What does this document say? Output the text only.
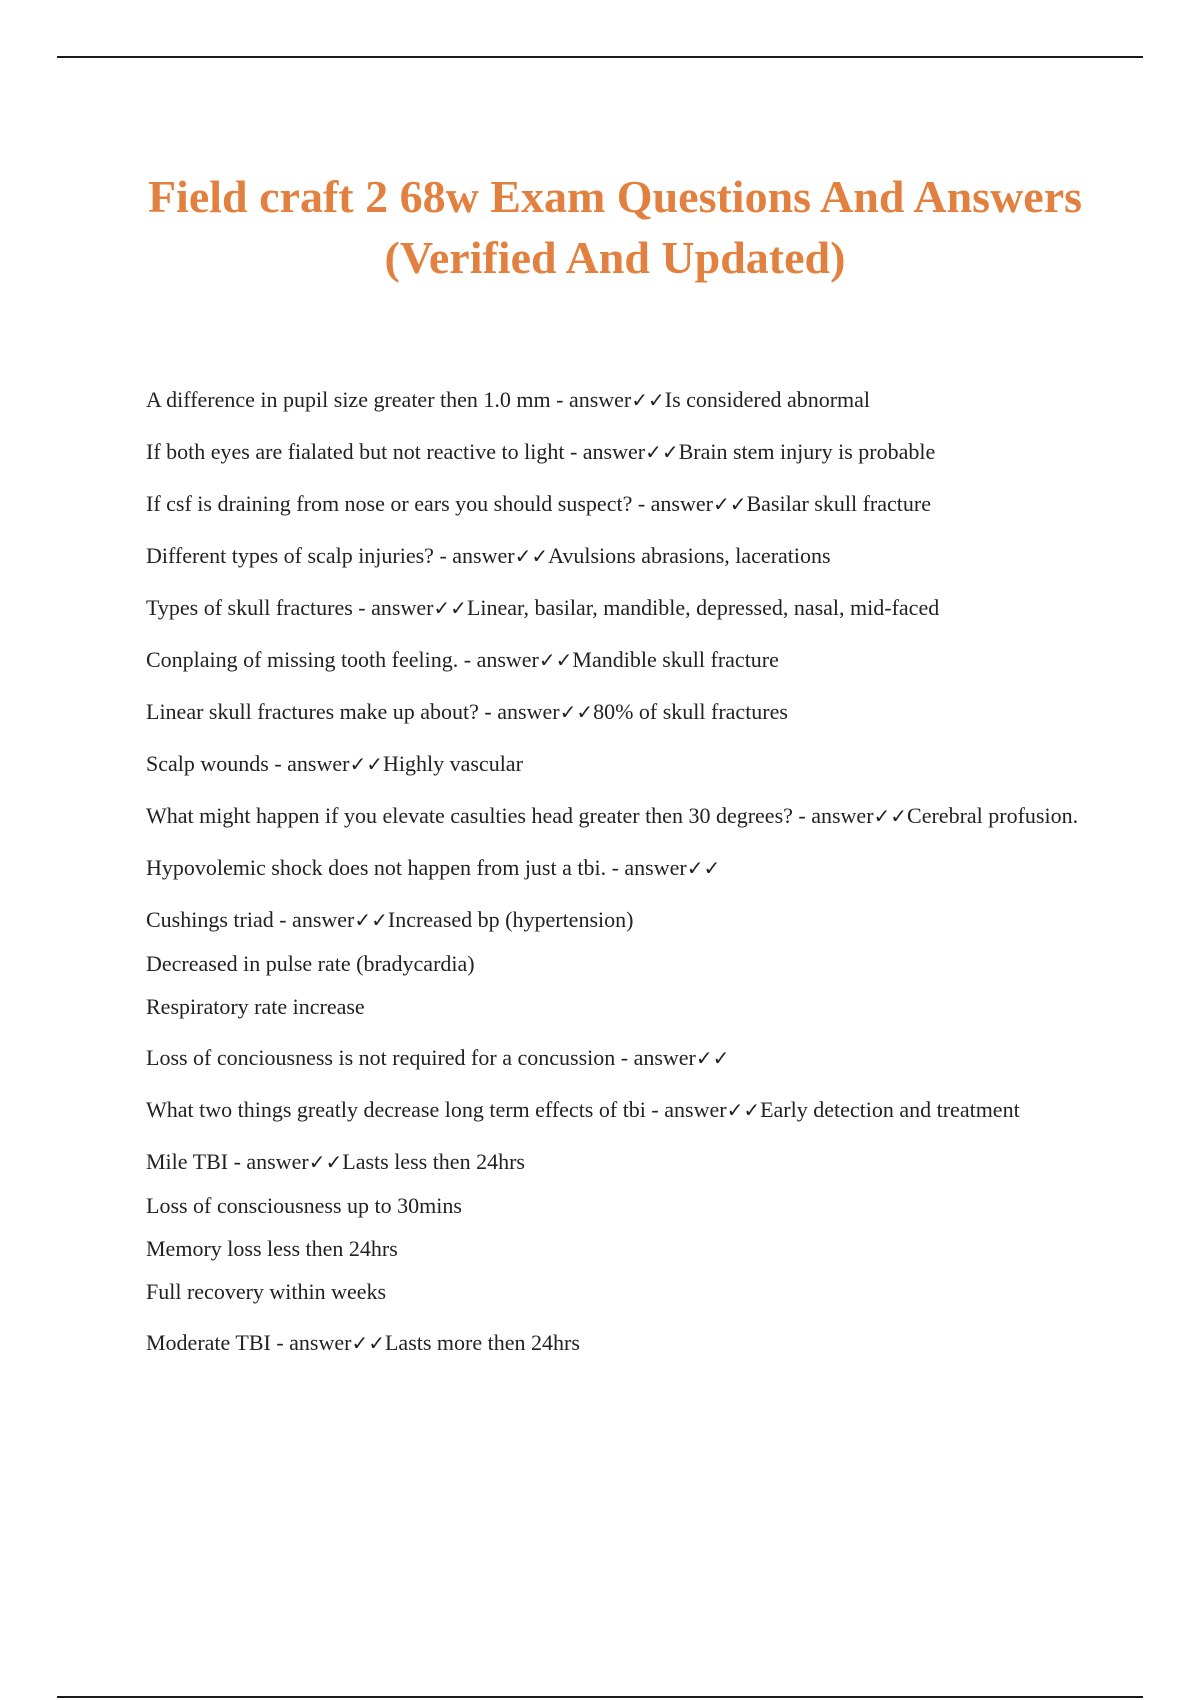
Field craft 2 68w Exam Questions And Answers (Verified And Updated)

A difference in pupil size greater then 1.0 mm - answer✓✓Is considered abnormal

If both eyes are fialated but not reactive to light - answer✓✓Brain stem injury is probable

If csf is draining from nose or ears you should suspect? - answer✓✓Basilar skull fracture

Different types of scalp injuries? - answer✓✓Avulsions abrasions, lacerations

Types of skull fractures - answer✓✓Linear, basilar, mandible, depressed, nasal, mid-faced

Conplaing of missing tooth feeling. - answer✓✓Mandible skull fracture

Linear skull fractures make up about? - answer✓✓80% of skull fractures

Scalp wounds - answer✓✓Highly vascular

What might happen if you elevate casulties head greater then 30 degrees? - answer✓✓Cerebral profusion.

Hypovolemic shock does not happen from just a tbi. - answer✓✓

Cushings triad - answer✓✓Increased bp (hypertension)

Decreased in pulse rate (bradycardia)

Respiratory rate increase

Loss of conciousness is not required for a concussion - answer✓✓

What two things greatly decrease long term effects of tbi - answer✓✓Early detection and treatment

Mile TBI - answer✓✓Lasts less then 24hrs

Loss of consciousness up to 30mins

Memory loss less then 24hrs

Full recovery within weeks

Moderate TBI - answer✓✓Lasts more then 24hrs
